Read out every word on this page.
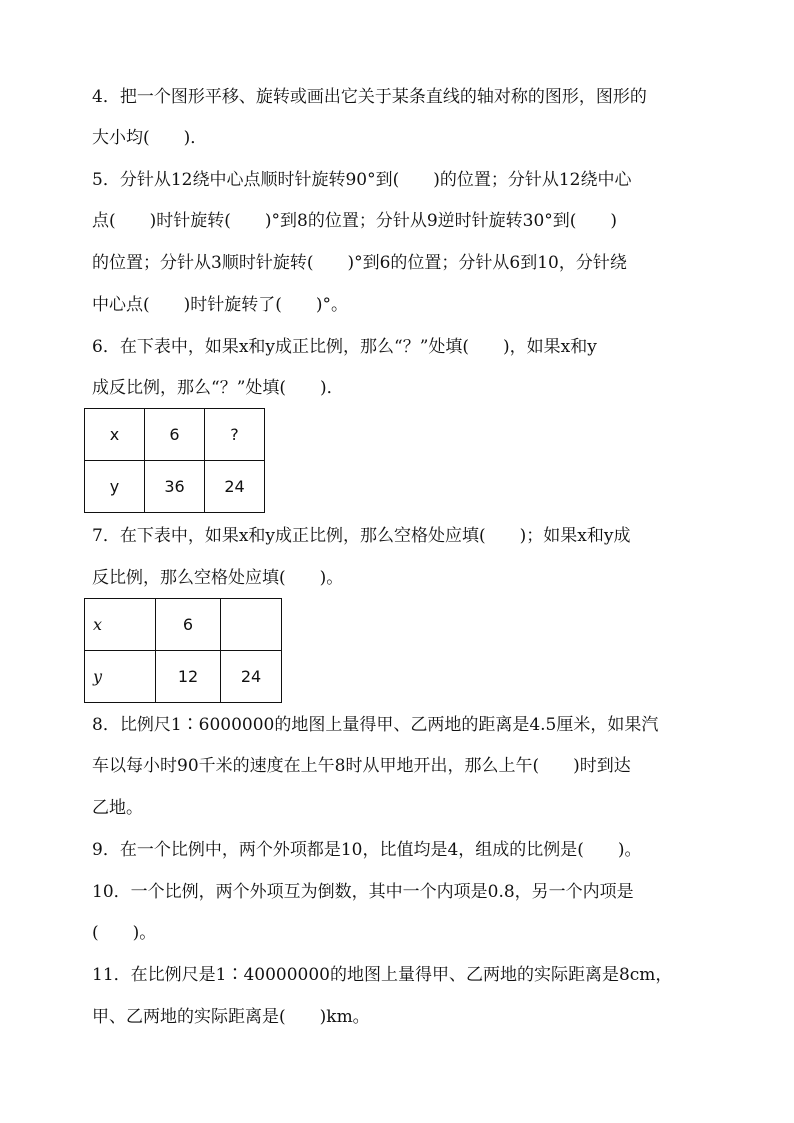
4．把一个图形平移、旋转或画出它关于某条直线的轴对称的图形，图形的
大小均(　　)．
5．分针从12绕中心点顺时针旋转90°到(　　)的位置；分针从12绕中心
点(　　)时针旋转(　　)°到8的位置；分针从9逆时针旋转30°到(　　)
的位置；分针从3顺时针旋转(　　)°到6的位置；分针从6到10，分针绕
中心点(　　)时针旋转了(　　)°。
6．在下表中，如果x和y成正比例，那么“？”处填(　　)，如果x和y
成反比例，那么“？”处填(　　)．
x	6	?
y	36	24
7．在下表中，如果x和y成正比例，那么空格处应填(　　)；如果x和y成
反比例，那么空格处应填(　　)。
x	6	
y	12	24
8．比例尺1∶6000000的地图上量得甲、乙两地的距离是4.5厘米，如果汽
车以每小时90千米的速度在上午8时从甲地开出，那么上午(　　)时到达
乙地。
9．在一个比例中，两个外项都是10，比值均是4，组成的比例是(　　)。
10．一个比例，两个外项互为倒数，其中一个内项是0.8，另一个内项是
(　　)。
11．在比例尺是1∶40000000的地图上量得甲、乙两地的实际距离是8cm，
甲、乙两地的实际距离是(　　)km。
